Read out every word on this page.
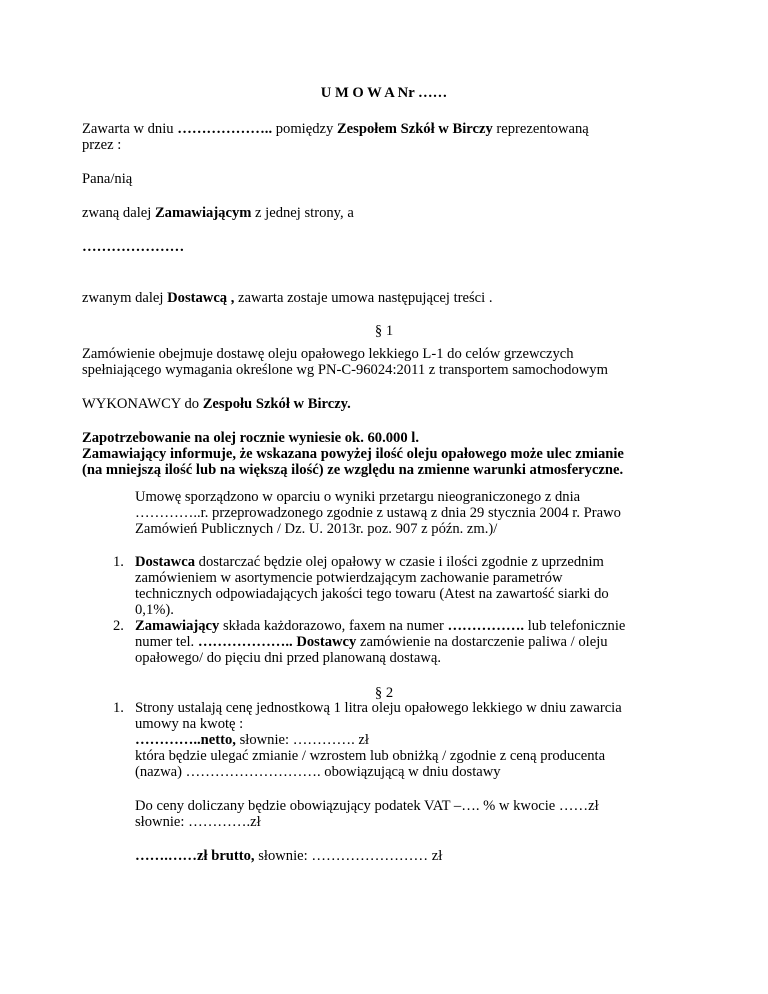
U M O W A Nr ……
Zawarta w dniu ……………….. pomiędzy Zespołem Szkół w Birczy reprezentowaną
przez :
Pana/nią
zwaną dalej Zamawiającym z jednej strony, a
…………………
zwanym dalej Dostawcą , zawarta zostaje umowa następującej treści .
§ 1
Zamówienie obejmuje dostawę oleju opałowego lekkiego L-1 do celów grzewczych
spełniającego wymagania określone wg PN-C-96024:2011 z transportem samochodowym
WYKONAWCY do Zespołu Szkół w Birczy.
Zapotrzebowanie na olej rocznie wyniesie ok. 60.000 l.
Zamawiający informuje, że wskazana powyżej ilość oleju opałowego może ulec zmianie
(na mniejszą ilość lub na większą ilość) ze względu na zmienne warunki atmosferyczne.
Umowę sporządzono w oparciu o wyniki przetargu nieograniczonego z dnia
…………..r. przeprowadzonego zgodnie z ustawą z dnia 29 stycznia 2004 r. Prawo
Zamówień Publicznych / Dz. U. 2013r. poz. 907 z późn. zm.)/
1. Dostawca dostarczać będzie olej opałowy w czasie i ilości zgodnie z uprzednim
zamówieniem w asortymencie potwierdzającym zachowanie parametrów
technicznych odpowiadających jakości tego towaru (Atest na zawartość siarki do
0,1%).
2. Zamawiający składa każdorazowo, faxem na numer ……………. lub telefonicznie
numer tel. ……………….. Dostawcy zamówienie na dostarczenie paliwa / oleju
opałowego/ do pięciu dni przed planowaną dostawą.
§ 2
1. Strony ustalają cenę jednostkową 1 litra oleju opałowego lekkiego w dniu zawarcia
umowy na kwotę :
…………..netto, słownie: …………. zł
która będzie ulegać zmianie / wzrostem lub obniżką / zgodnie z ceną producenta
(nazwa) ………………………. obowiązującą w dniu dostawy
Do ceny doliczany będzie obowiązujący podatek VAT –…. % w kwocie ……zł
słownie: ………….zł
…….……zł brutto, słownie: …………………… zł
